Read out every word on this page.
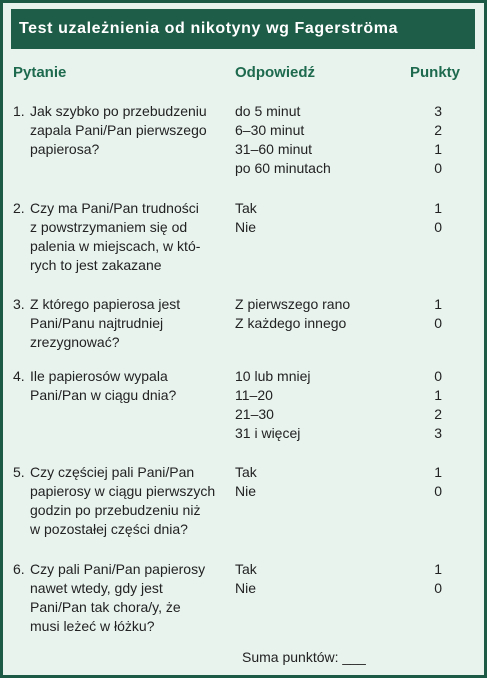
Test uzależnienia od nikotyny wg Fagerströma
Pytanie	Odpowiedź	Punkty
1. Jak szybko po przebudzeniu
zapala Pani/Pan pierwszego
papierosa?
do 5 minut
6–30 minut
31–60 minut
po 60 minutach
3
2
1
0
2. Czy ma Pani/Pan trudności
z powstrzymaniem się od
palenia w miejscach, w któ-
rych to jest zakazane
Tak
Nie
1
0
3. Z którego papierosa jest
Pani/Panu najtrudniej
zrezygnować?
Z pierwszego rano
Z każdego innego
1
0
4. Ile papierosów wypala
Pani/Pan w ciągu dnia?
10 lub mniej
11–20
21–30
31 i więcej
0
1
2
3
5. Czy częściej pali Pani/Pan
papierosy w ciągu pierwszych
godzin po przebudzeniu niż
w pozostałej części dnia?
Tak
Nie
1
0
6. Czy pali Pani/Pan papierosy
nawet wtedy, gdy jest
Pani/Pan tak chora/y, że
musi leżeć w łóżku?
Tak
Nie
1
0
Suma punktów: ___
